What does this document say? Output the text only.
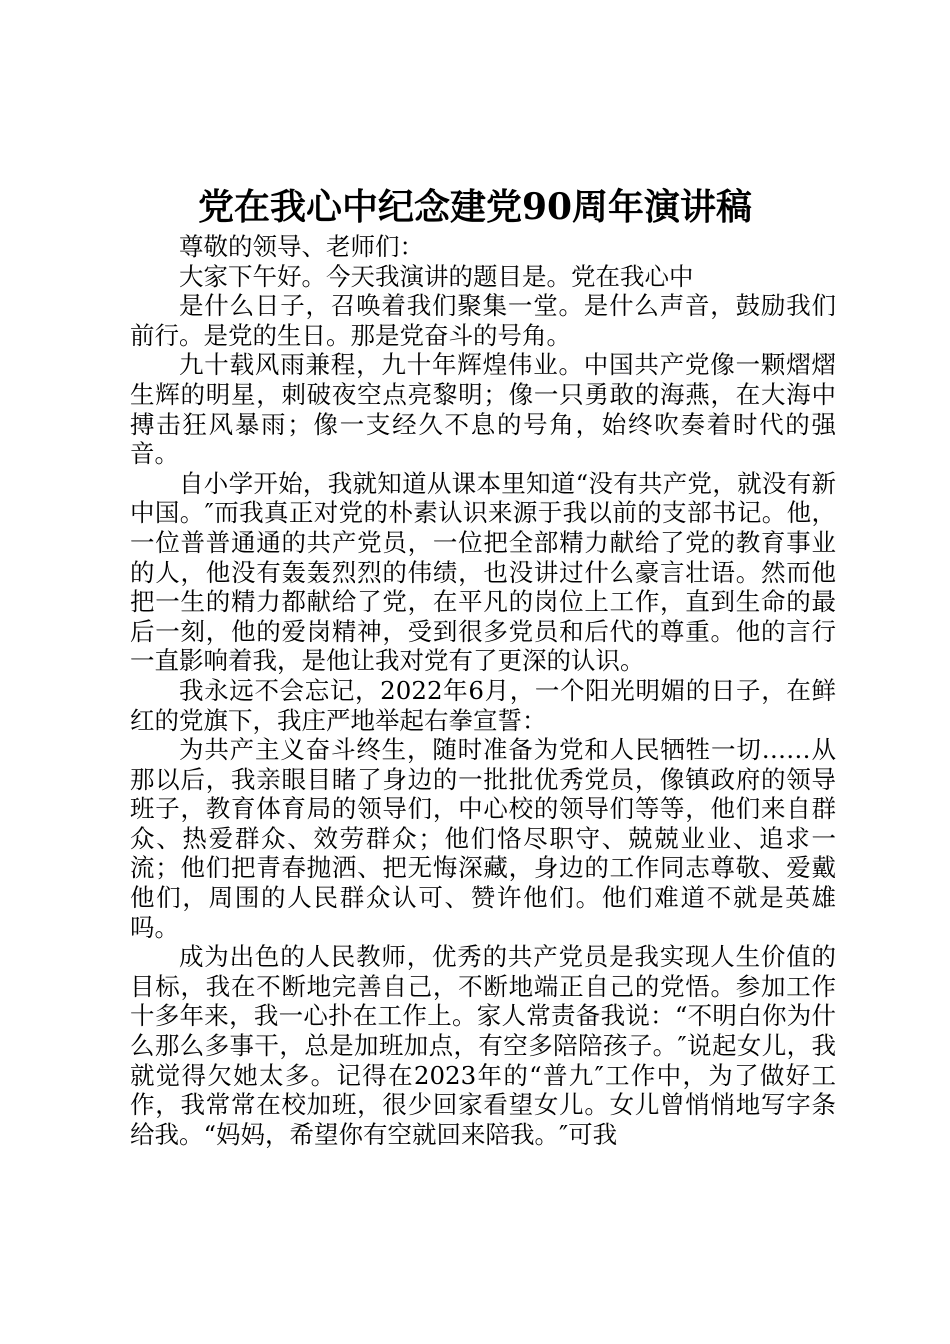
党在我心中纪念建党90周年演讲稿

尊敬的领导、老师们：

大家下午好。今天我演讲的题目是。党在我心中

是什么日子，召唤着我们聚集一堂。是什么声音，鼓励我们前行。是党的生日。那是党奋斗的号角。

九十载风雨兼程，九十年辉煌伟业。中国共产党像一颗熠熠生辉的明星，刺破夜空点亮黎明；像一只勇敢的海燕，在大海中搏击狂风暴雨；像一支经久不息的号角，始终吹奏着时代的强音。

自小学开始，我就知道从课本里知道“没有共产党，就没有新中国。″而我真正对党的朴素认识来源于我以前的支部书记。他，一位普普通通的共产党员，一位把全部精力献给了党的教育事业的人，他没有轰轰烈烈的伟绩，也没讲过什么豪言壮语。然而他把一生的精力都献给了党，在平凡的岗位上工作，直到生命的最后一刻，他的爱岗精神，受到很多党员和后代的尊重。他的言行一直影响着我，是他让我对党有了更深的认识。

我永远不会忘记，2022年6月，一个阳光明媚的日子，在鲜红的党旗下，我庄严地举起右拳宣誓：

为共产主义奋斗终生，随时准备为党和人民牺牲一切……从那以后，我亲眼目睹了身边的一批批优秀党员，像镇政府的领导班子，教育体育局的领导们，中心校的领导们等等，他们来自群众、热爱群众、效劳群众；他们恪尽职守、兢兢业业、追求一流；他们把青春抛洒、把无悔深藏，身边的工作同志尊敬、爱戴他们，周围的人民群众认可、赞许他们。他们难道不就是英雄吗。

成为出色的人民教师，优秀的共产党员是我实现人生价值的目标，我在不断地完善自己，不断地端正自己的党悟。参加工作十多年来，我一心扑在工作上。家人常责备我说：“不明白你为什么那么多事干，总是加班加点，有空多陪陪孩子。″说起女儿，我就觉得欠她太多。记得在2023年的“普九″工作中，为了做好工作，我常常在校加班，很少回家看望女儿。女儿曾悄悄地写字条给我。“妈妈，希望你有空就回来陪我。″可我
